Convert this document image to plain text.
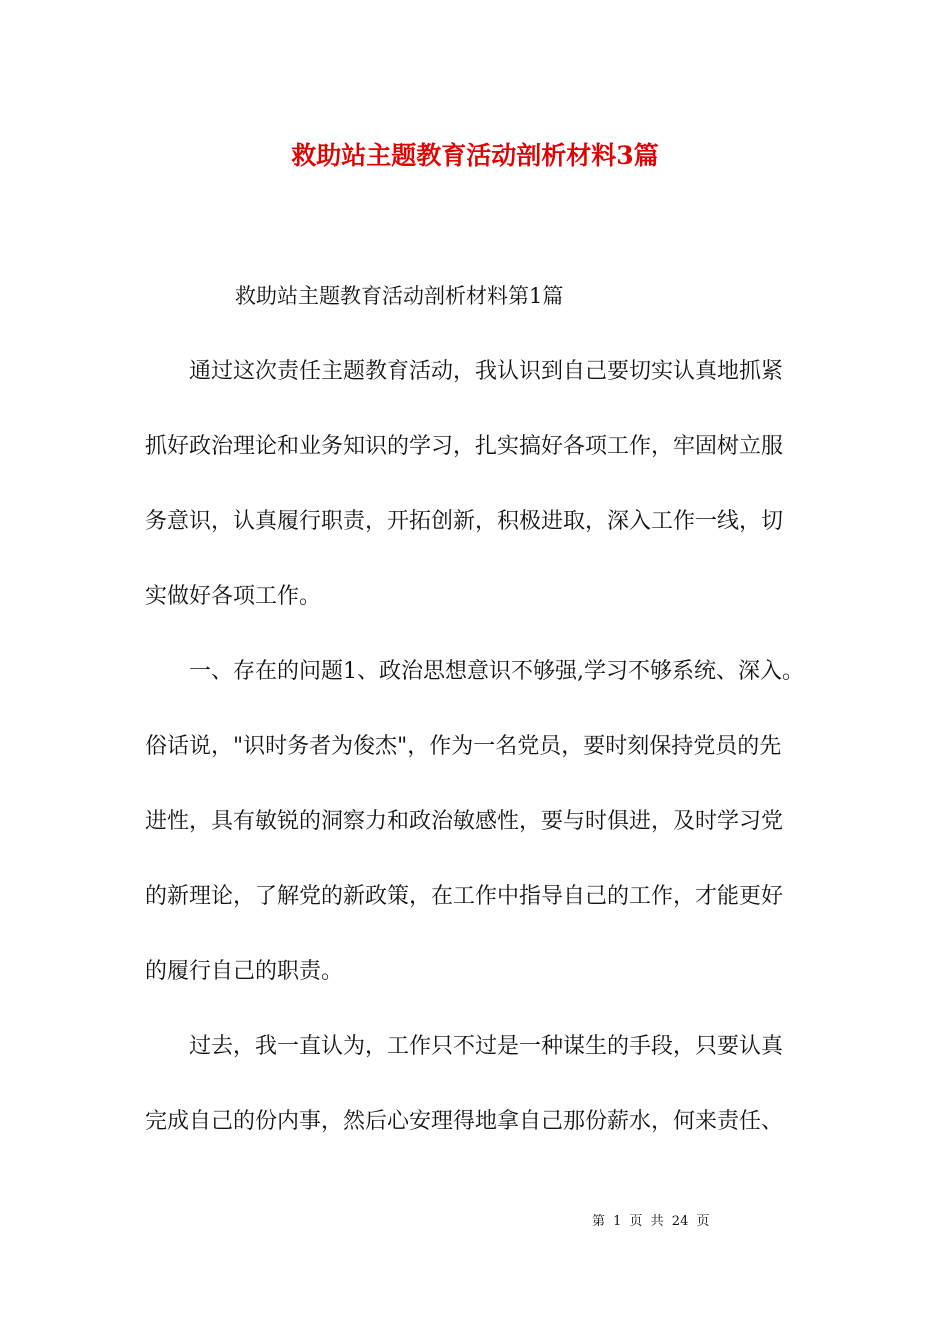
救助站主题教育活动剖析材料3篇
救助站主题教育活动剖析材料第1篇
　　通过这次责任主题教育活动，我认识到自己要切实认真地抓紧
抓好政治理论和业务知识的学习，扎实搞好各项工作，牢固树立服
务意识，认真履行职责，开拓创新，积极进取，深入工作一线，切
实做好各项工作。
　　一、存在的问题1、政治思想意识不够强,学习不够系统、深入。
俗话说，"识时务者为俊杰"，作为一名党员，要时刻保持党员的先
进性，具有敏锐的洞察力和政治敏感性，要与时俱进，及时学习党
的新理论，了解党的新政策，在工作中指导自己的工作，才能更好
的履行自己的职责。
　　过去，我一直认为，工作只不过是一种谋生的手段，只要认真
完成自己的份内事，然后心安理得地拿自己那份薪水，何来责任、
第 1 页 共 24 页
